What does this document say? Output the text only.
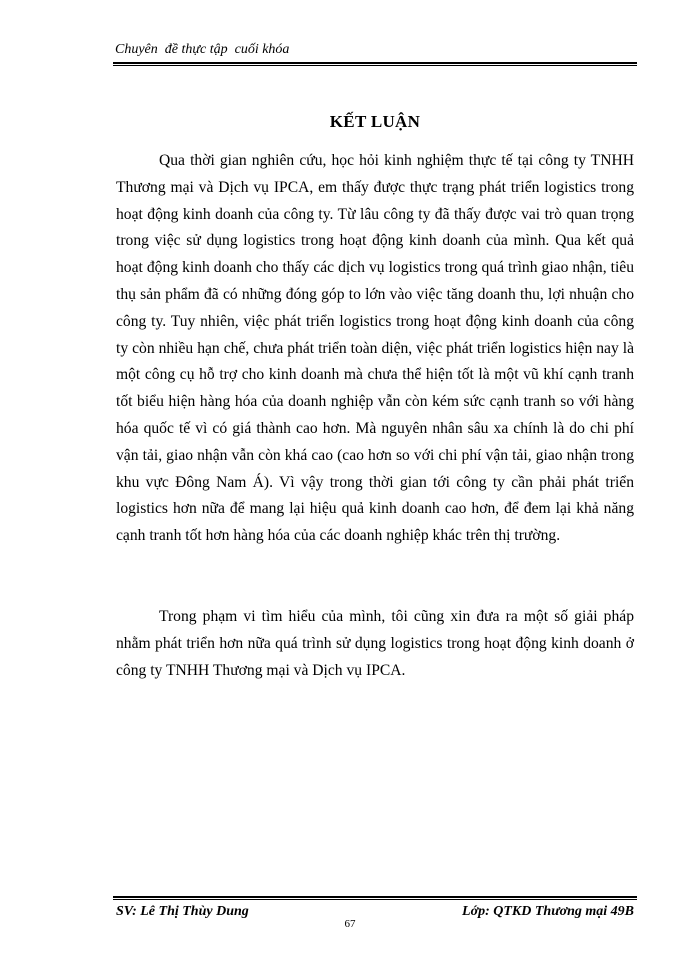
Chuyên  đề thực tập  cuối khóa
KẾT LUẬN

Qua thời gian nghiên cứu, học hỏi kinh nghiệm thực tế tại công ty TNHH Thương mại và Dịch vụ IPCA, em thấy được thực trạng phát triển logistics trong hoạt động kinh doanh của công ty. Từ lâu công ty đã thấy được vai trò quan trọng trong việc sử dụng logistics trong hoạt động kinh doanh của mình. Qua kết quả hoạt động kinh doanh cho thấy các dịch vụ logistics trong quá trình giao nhận, tiêu thụ sản phẩm đã có những đóng góp to lớn vào việc tăng doanh thu, lợi nhuận cho công ty. Tuy nhiên, việc phát triển logistics trong hoạt động kinh doanh của công ty còn nhiều hạn chế, chưa phát triển toàn diện, việc phát triển logistics hiện nay là một công cụ hỗ trợ cho kinh doanh mà chưa thể hiện tốt là một vũ khí cạnh tranh tốt biểu hiện hàng hóa của doanh nghiệp vẫn còn kém sức cạnh tranh so với hàng hóa quốc tế vì có giá thành cao hơn. Mà nguyên nhân sâu xa chính là do chi phí vận tải, giao nhận vẫn còn khá cao (cao hơn so với chi phí vận tải, giao nhận trong khu vực Đông Nam Á). Vì vậy trong thời gian tới công ty cần phải phát triển logistics hơn nữa để mang lại hiệu quả kinh doanh cao hơn, để đem lại khả năng cạnh tranh tốt hơn hàng hóa của các doanh nghiệp khác trên thị trường.

Trong phạm vi tìm hiểu của mình, tôi cũng xin đưa ra một số giải pháp nhằm phát triển hơn nữa quá trình sử dụng logistics trong hoạt động kinh doanh ở công ty TNHH Thương mại và Dịch vụ IPCA.

SV: Lê Thị Thùy Dung
67
Lớp: QTKD Thương mại 49B
